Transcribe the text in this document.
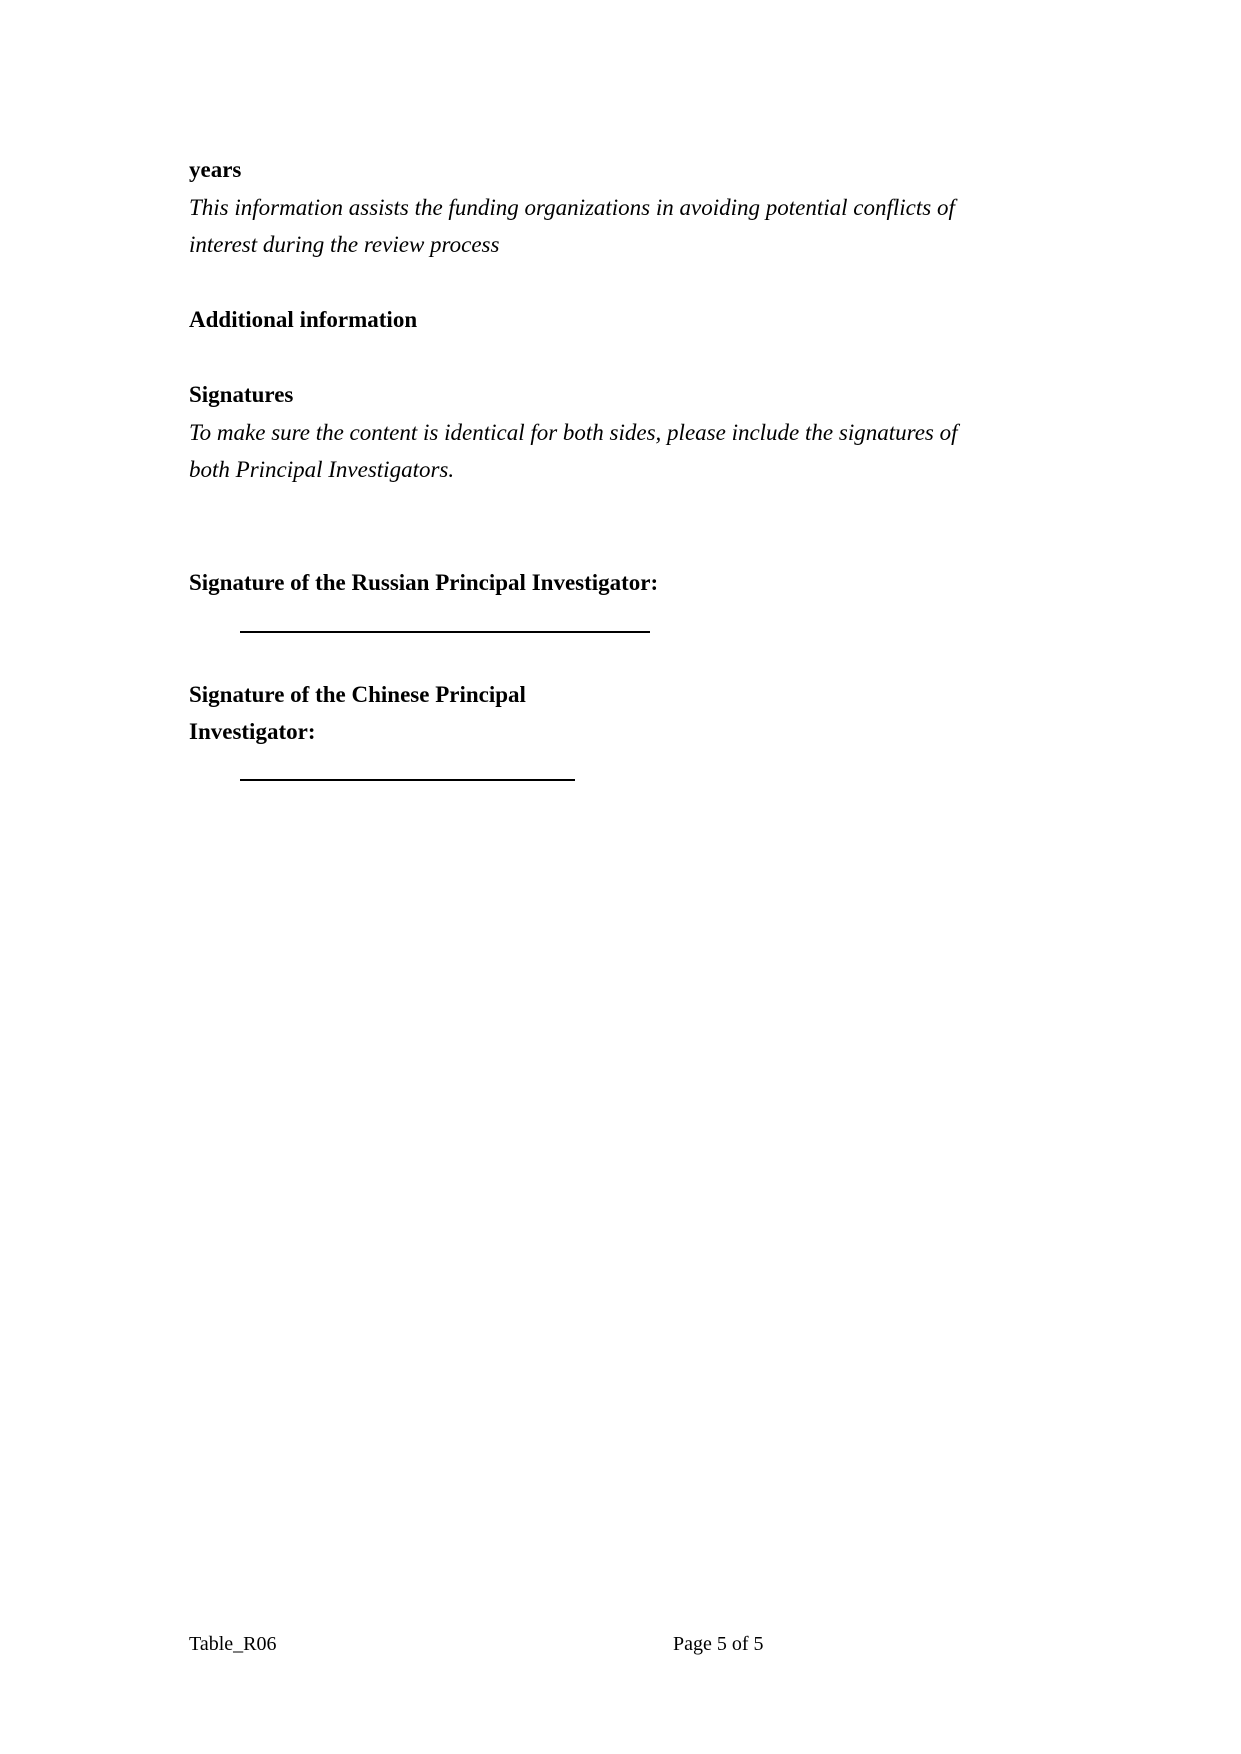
years
This information assists the funding organizations in avoiding potential conflicts of
interest during the review process
Additional information
Signatures
To make sure the content is identical for both sides, please include the signatures of
both Principal Investigators.
Signature of the Russian Principal Investigator:
Signature of the Chinese Principal
Investigator:
Table_R06	Page 5 of 5
